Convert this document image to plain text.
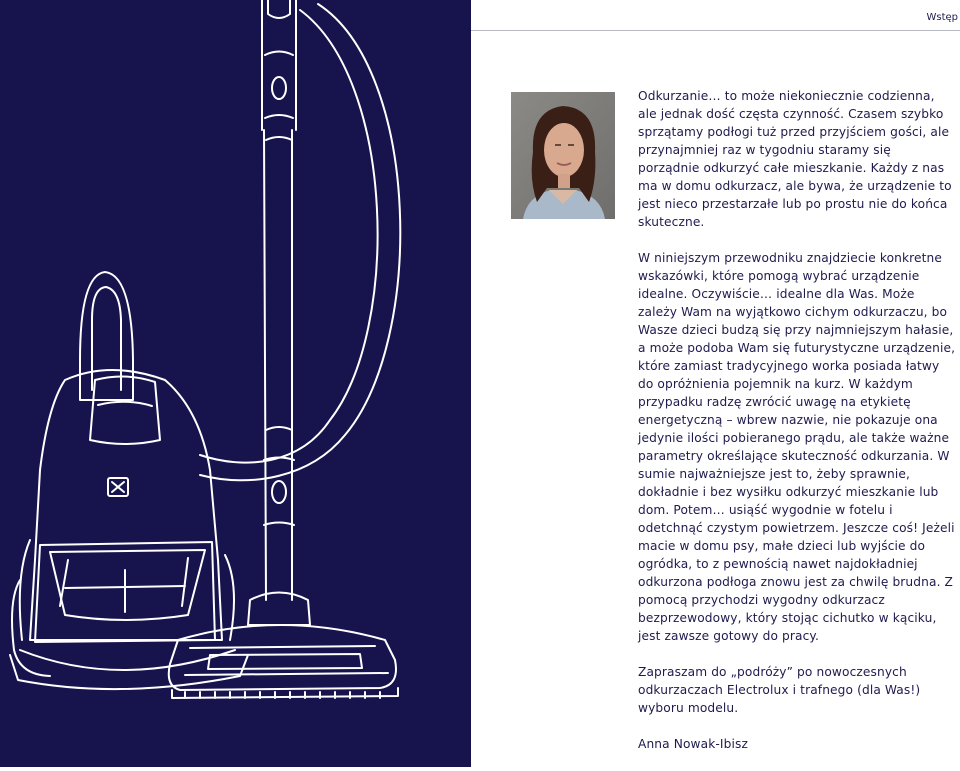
Wstęp

Odkurzanie… to może niekoniecznie codzienna, ale jednak dość częsta czynność. Czasem szybko sprzątamy podłogi tuż przed przyjściem gości, ale przynajmniej raz w tygodniu staramy się porządnie odkurzyć całe mieszkanie. Każdy z nas ma w domu odkurzacz, ale bywa, że urządzenie to jest nieco przestarzałe lub po prostu nie do końca skuteczne.

W niniejszym przewodniku znajdziecie konkretne wskazówki, które pomogą wybrać urządzenie idealne. Oczywiście… idealne dla Was. Może zależy Wam na wyjątkowo cichym odkurzaczu, bo Wasze dzieci budzą się przy najmniejszym hałasie, a może podoba Wam się futurystyczne urządzenie, które zamiast tradycyjnego worka posiada łatwy do opróżnienia pojemnik na kurz. W każdym przypadku radzę zwrócić uwagę na etykietę energetyczną – wbrew nazwie, nie pokazuje ona jedynie ilości pobieranego prądu, ale także ważne parametry określające skuteczność odkurzania. W sumie najważniejsze jest to, żeby sprawnie, dokładnie i bez wysiłku odkurzyć mieszkanie lub dom. Potem… usiąść wygodnie w fotelu i odetchnąć czystym powietrzem. Jeszcze coś! Jeżeli macie w domu psy, małe dzieci lub wyjście do ogródka, to z pewnością nawet najdokładniej odkurzona podłoga znowu jest za chwilę brudna. Z pomocą przychodzi wygodny odkurzacz bezprzewodowy, który stojąc cichutko w kąciku, jest zawsze gotowy do pracy.

Zapraszam do „podróży” po nowoczesnych odkurzaczach Electrolux i trafnego (dla Was!) wyboru modelu.

Anna Nowak-Ibisz
